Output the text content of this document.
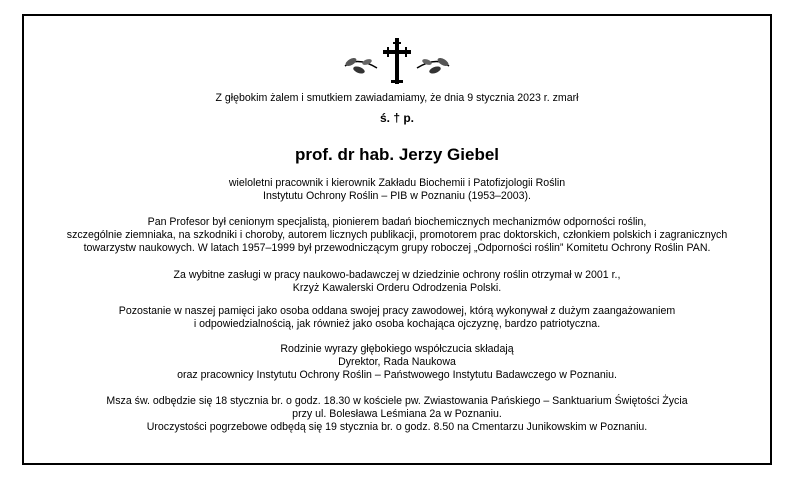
Z głębokim żalem i smutkiem zawiadamiamy, że dnia 9 stycznia 2023 r. zmarł
ś. † p.
prof. dr hab. Jerzy Giebel
wieloletni pracownik i kierownik Zakładu Biochemii i Patofizjologii Roślin
Instytutu Ochrony Roślin – PIB w Poznaniu (1953–2003).
Pan Profesor był cenionym specjalistą, pionierem badań biochemicznych mechanizmów odporności roślin,
szczególnie ziemniaka, na szkodniki i choroby, autorem licznych publikacji, promotorem prac doktorskich, członkiem polskich i zagranicznych
towarzystw naukowych. W latach 1957–1999 był przewodniczącym grupy roboczej „Odporności roślin” Komitetu Ochrony Roślin PAN.
Za wybitne zasługi w pracy naukowo-badawczej w dziedzinie ochrony roślin otrzymał w 2001 r.,
Krzyż Kawalerski Orderu Odrodzenia Polski.
Pozostanie w naszej pamięci jako osoba oddana swojej pracy zawodowej, którą wykonywał z dużym zaangażowaniem
i odpowiedzialnością, jak również jako osoba kochająca ojczyznę, bardzo patriotyczna.
Rodzinie wyrazy głębokiego współczucia składają
Dyrektor, Rada Naukowa
oraz pracownicy Instytutu Ochrony Roślin – Państwowego Instytutu Badawczego w Poznaniu.
Msza św. odbędzie się 18 stycznia br. o godz. 18.30 w kościele pw. Zwiastowania Pańskiego – Sanktuarium Świętości Życia
przy ul. Bolesława Leśmiana 2a w Poznaniu.
Uroczystości pogrzebowe odbędą się 19 stycznia br. o godz. 8.50 na Cmentarzu Junikowskim w Poznaniu.
